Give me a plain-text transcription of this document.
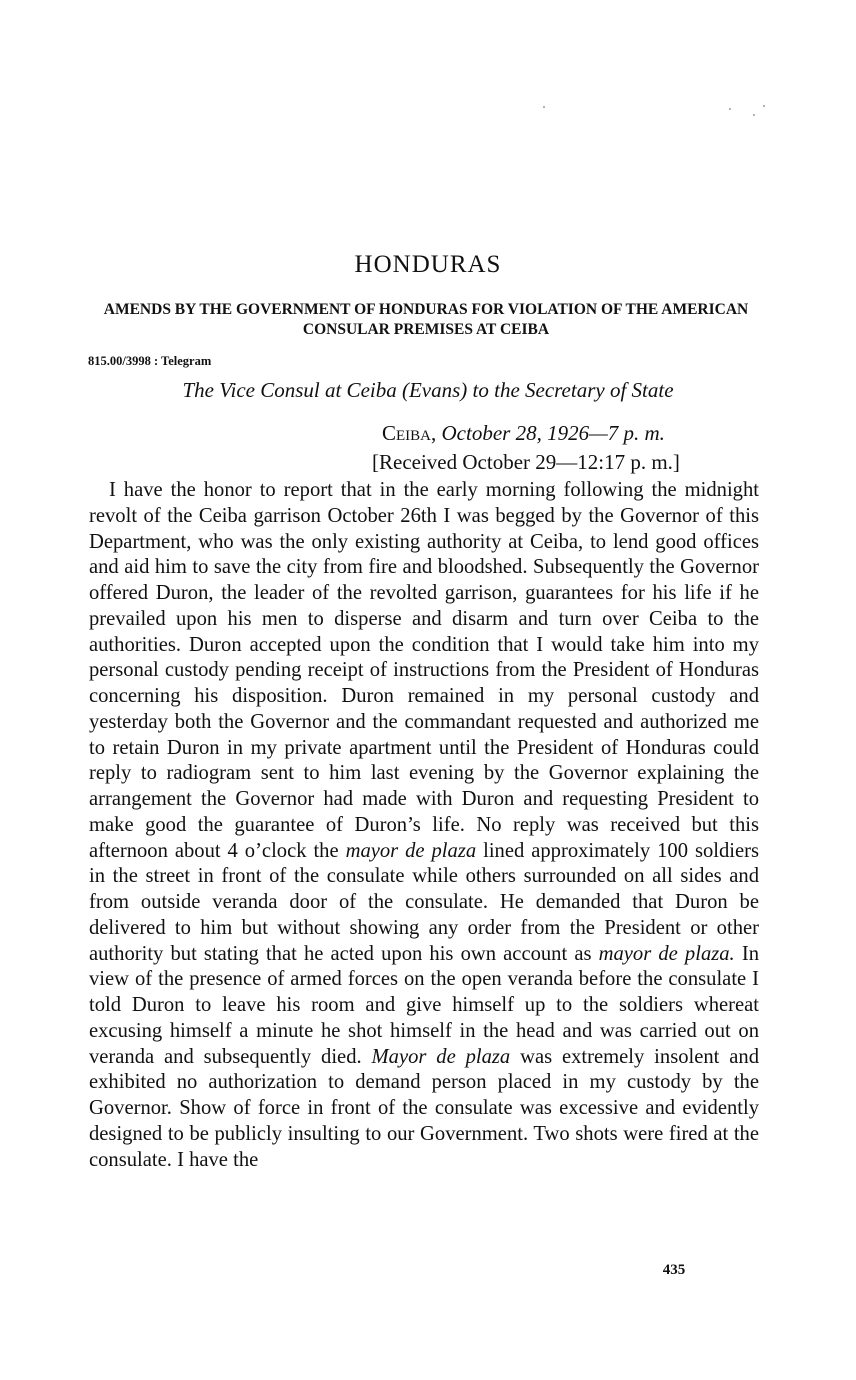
HONDURAS
AMENDS BY THE GOVERNMENT OF HONDURAS FOR VIOLATION OF THE AMERICAN CONSULAR PREMISES AT CEIBA
815.00/3998 : Telegram
The Vice Consul at Ceiba (Evans) to the Secretary of State
Ceiba, October 28, 1926—7 p. m.
[Received October 29—12:17 p. m.]

I have the honor to report that in the early morning following the midnight revolt of the Ceiba garrison October 26th I was begged by the Governor of this Department, who was the only existing authority at Ceiba, to lend good offices and aid him to save the city from fire and bloodshed. Subsequently the Governor offered Duron, the leader of the revolted garrison, guarantees for his life if he prevailed upon his men to disperse and disarm and turn over Ceiba to the authorities. Duron accepted upon the condition that I would take him into my personal custody pending receipt of instructions from the President of Honduras concerning his disposition. Duron remained in my personal custody and yesterday both the Governor and the commandant requested and authorized me to retain Duron in my private apartment until the President of Honduras could reply to radiogram sent to him last evening by the Governor explaining the arrangement the Governor had made with Duron and requesting President to make good the guarantee of Duron’s life. No reply was received but this afternoon about 4 o’clock the mayor de plaza lined approximately 100 soldiers in the street in front of the consulate while others surrounded on all sides and from outside veranda door of the consulate. He demanded that Duron be delivered to him but without showing any order from the President or other authority but stating that he acted upon his own account as mayor de plaza. In view of the presence of armed forces on the open veranda before the consulate I told Duron to leave his room and give himself up to the soldiers whereat excusing himself a minute he shot himself in the head and was carried out on veranda and subsequently died. Mayor de plaza was extremely insolent and exhibited no authorization to demand person placed in my custody by the Governor. Show of force in front of the consulate was excessive and evidently designed to be publicly insulting to our Government. Two shots were fired at the consulate. I have the

435
